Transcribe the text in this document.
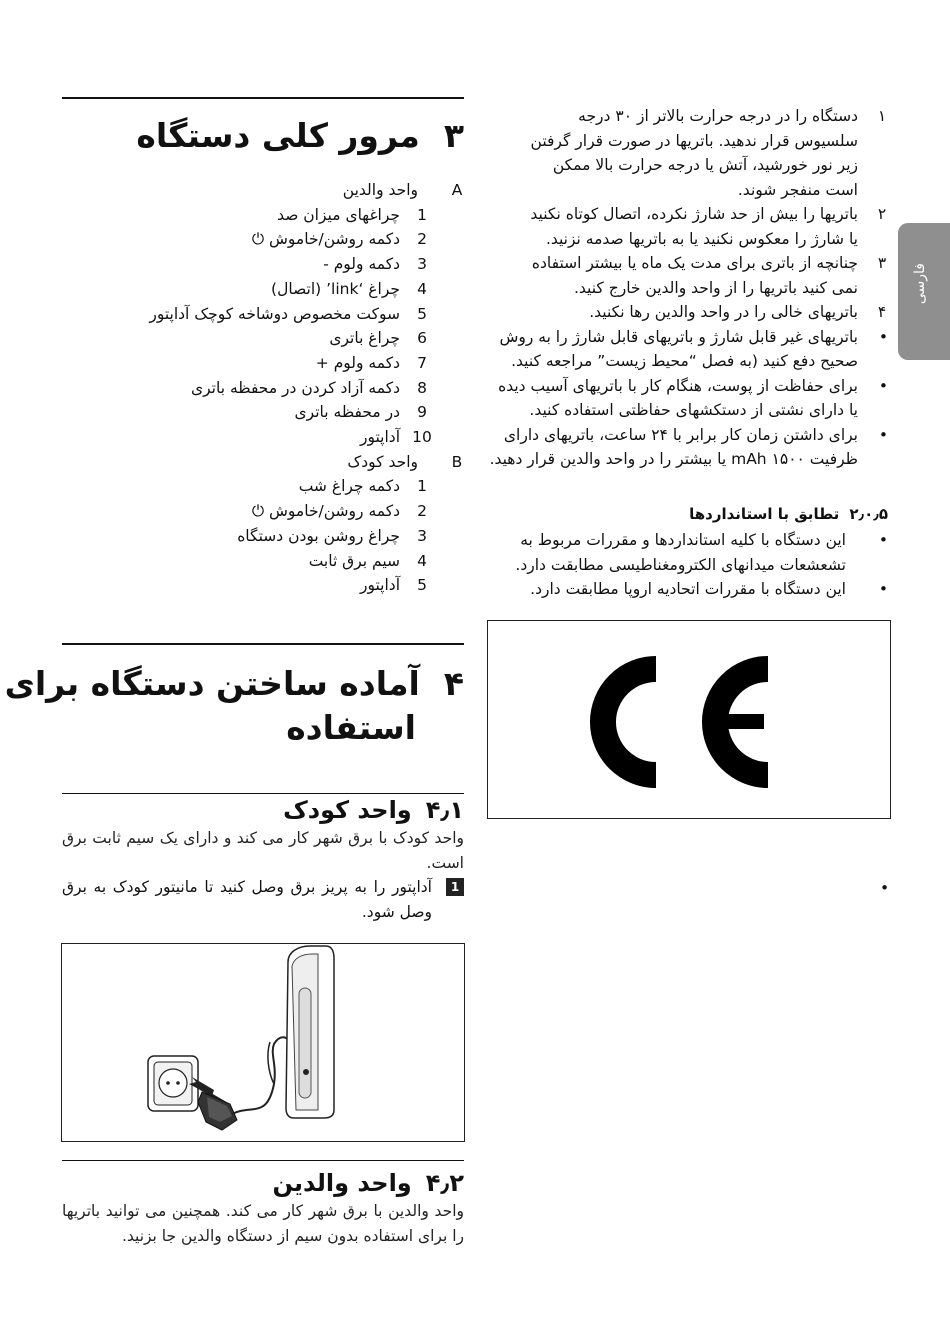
فارسی
۱
دستگاه را در درجه حرارت بالاتر از ۳۰ درجه
سلسیوس قرار ندهید. باتریها در صورت قرار گرفتن
زیر نور خورشید، آتش یا درجه حرارت بالا ممکن
است منفجر شوند.
۲
باتریها را بیش از حد شارژ نکرده، اتصال کوتاه نکنید
یا شارژ را معکوس نکنید یا به باتریها صدمه نزنید.
۳
چنانچه از باتری برای مدت یک ماه یا بیشتر استفاده
نمی کنید باتریها را از واحد والدین خارج کنید.
۴
باتریهای خالی را در واحد والدین رها نکنید.
•
باتریهای غیر قابل شارژ و باتریهای قابل شارژ را به روش
صحیح دفع کنید (به فصل “محیط زیست” مراجعه کنید.
•
برای حفاظت از پوست، هنگام کار با باتریهای آسیب دیده
یا دارای نشتی از دستکشهای حفاظتی استفاده کنید.
•
برای داشتن زمان کار برابر با ۲۴ ساعت، باتریهای دارای
ظرفیت ۱۵۰۰ mAh یا بیشتر را در واحد والدین قرار دهید.
۲٫۰٫۵تطابق با استانداردها
•
این دستگاه با کلیه استانداردها و مقررات مربوط به
تشعشعات میدانهای الکترومغناطیسی مطابقت دارد.
•
این دستگاه با مقررات اتحادیه اروپا مطابقت دارد.
•
۳مرور کلی دستگاه
A
واحد والدین
1
چراغهای میزان صد
2
دکمه روشن/خاموش ⏻
3
دکمه ولوم -
4
چراغ ‘link’ (اتصال)
5
سوکت مخصوص دوشاخه کوچک آداپتور
6
چراغ باتری
7
دکمه ولوم +
8
دکمه آزاد کردن در محفظه باتری
9
در محفظه باتری
10
آداپتور
B
واحد کودک
1
دکمه چراغ شب
2
دکمه روشن/خاموش ⏻
3
چراغ روشن بودن دستگاه
4
سیم برق ثابت
5
آداپتور
۴آماده ساختن دستگاه برای
استفاده
۴٫۱واحد کودک
واحد کودک با برق شهر کار می کند و دارای یک سیم ثابت برق است.
1
آداپتور را به پریز برق وصل کنید تا مانیتور کودک به برق وصل شود.
۴٫۲واحد والدین
واحد والدین با برق شهر کار می کند. همچنین می توانید باتریها را برای استفاده بدون سیم از دستگاه والدین جا بزنید.
